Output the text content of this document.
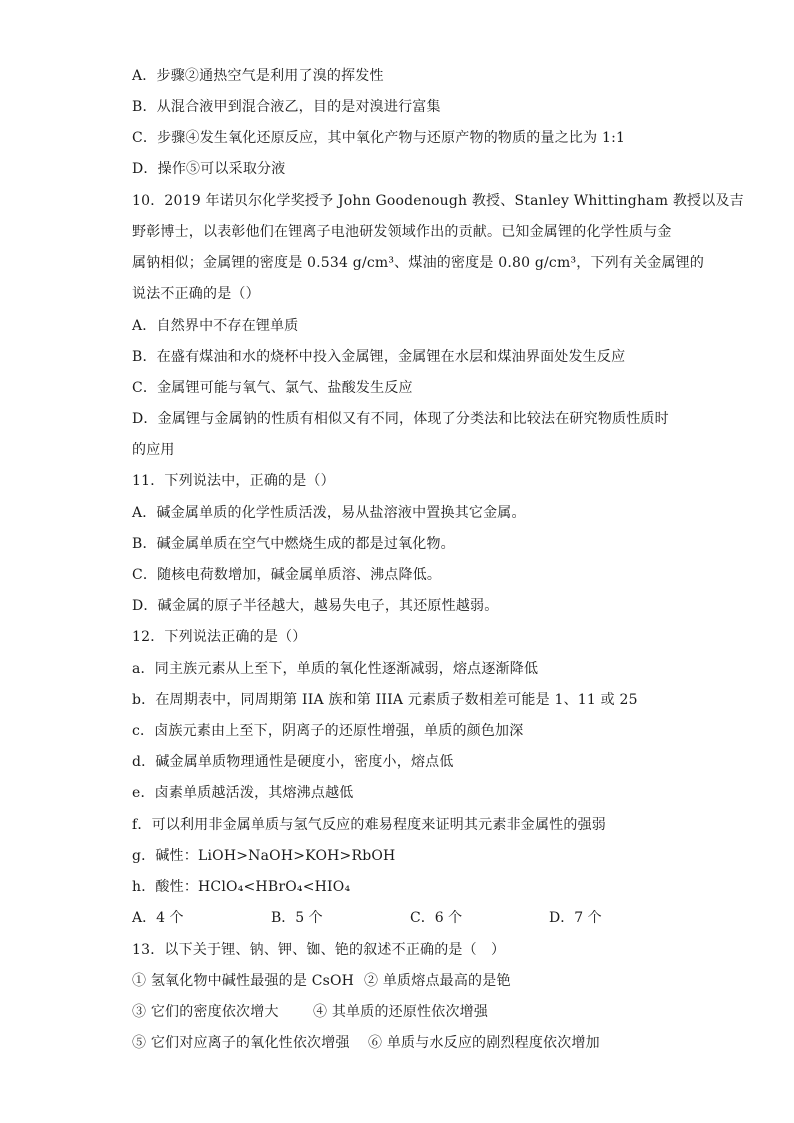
A．步骤②通热空气是利用了溴的挥发性
B．从混合液甲到混合液乙，目的是对溴进行富集
C．步骤④发生氧化还原反应，其中氧化产物与还原产物的物质的量之比为 1:1
D．操作⑤可以采取分液
10．2019 年诺贝尔化学奖授予 John Goodenough 教授、Stanley Whittingham 教授以及吉
野彰博士，以表彰他们在锂离子电池研发领域作出的贡献。已知金属锂的化学性质与金
属钠相似；金属锂的密度是 0.534 g/cm³、煤油的密度是 0.80 g/cm³，下列有关金属锂的
说法不正确的是（）
A．自然界中不存在锂单质
B．在盛有煤油和水的烧杯中投入金属锂，金属锂在水层和煤油界面处发生反应
C．金属锂可能与氧气、氯气、盐酸发生反应
D．金属锂与金属钠的性质有相似又有不同，体现了分类法和比较法在研究物质性质时
的应用
11．下列说法中，正确的是（）
A．碱金属单质的化学性质活泼，易从盐溶液中置换其它金属。
B．碱金属单质在空气中燃烧生成的都是过氧化物。
C．随核电荷数增加，碱金属单质溶、沸点降低。
D．碱金属的原子半径越大，越易失电子，其还原性越弱。
12．下列说法正确的是（）
a．同主族元素从上至下，单质的氧化性逐渐减弱，熔点逐渐降低
b．在周期表中，同周期第 IIA 族和第 IIIA 元素质子数相差可能是 1、11 或 25
c．卤族元素由上至下，阴离子的还原性增强，单质的颜色加深
d．碱金属单质物理通性是硬度小，密度小，熔点低
e．卤素单质越活泼，其熔沸点越低
f．可以利用非金属单质与氢气反应的难易程度来证明其元素非金属性的强弱
g．碱性：LiOH>NaOH>KOH>RbOH
h．酸性：HClO₄<HBrO₄<HIO₄
A．4 个	B．5 个	C．6 个	D．7 个
13．以下关于锂、钠、钾、铷、铯的叙述不正确的是（　）
① 氢氧化物中碱性最强的是 CsOH ② 单质熔点最高的是铯
③ 它们的密度依次增大 ④ 其单质的还原性依次增强
⑤ 它们对应离子的氧化性依次增强 ⑥ 单质与水反应的剧烈程度依次增加
